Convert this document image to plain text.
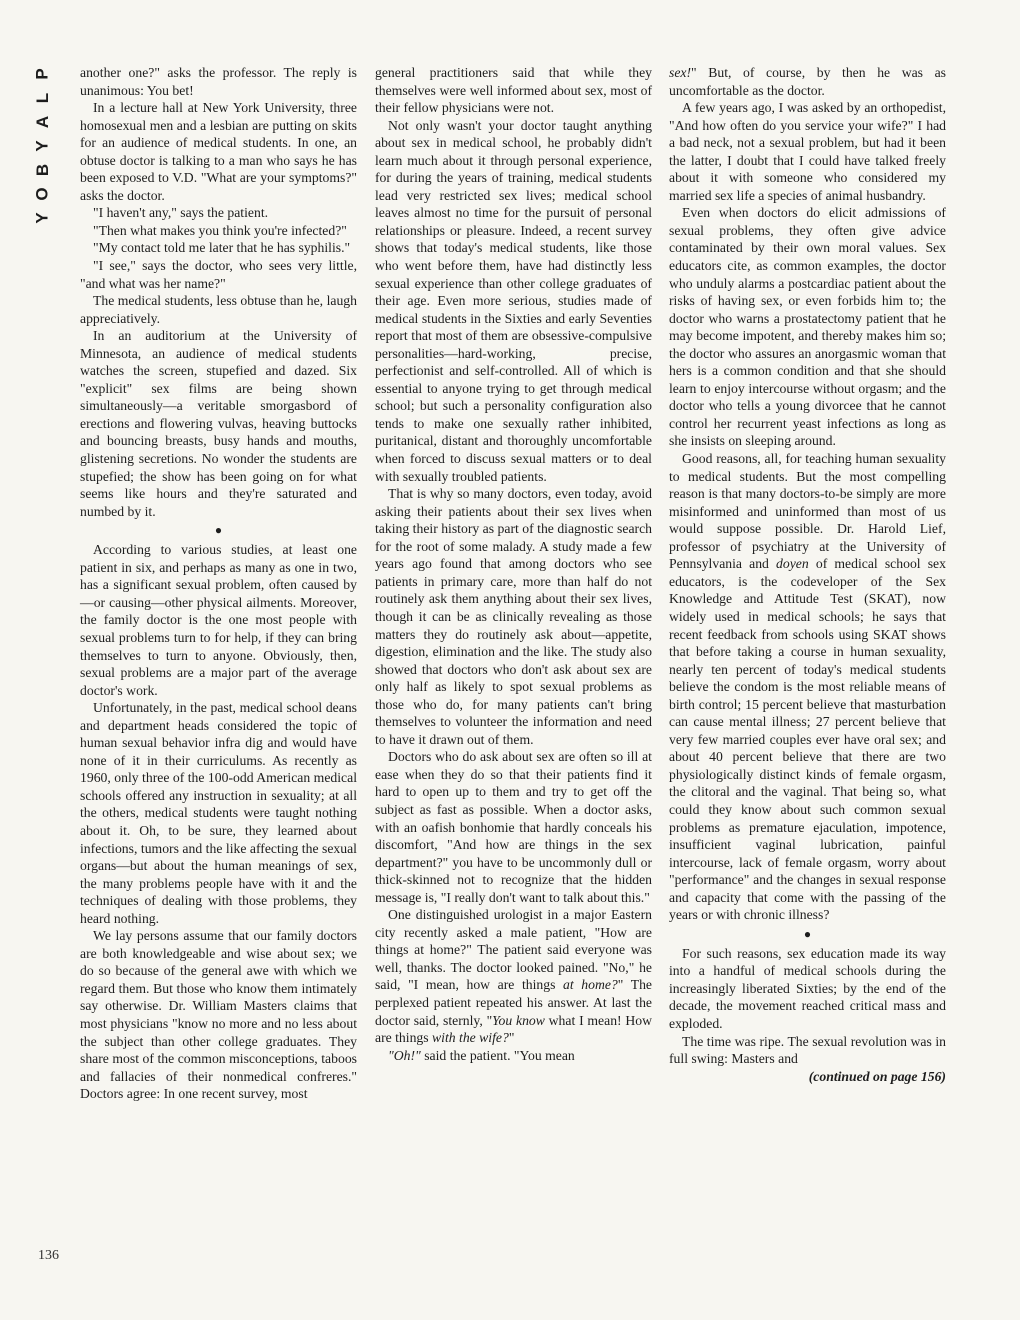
P
L
A
Y
B
O
Y
136

another one?" asks the professor. The reply is unanimous: You bet!

In a lecture hall at New York University, three homosexual men and a lesbian are putting on skits for an audience of medical students. In one, an obtuse doctor is talking to a man who says he has been exposed to V.D. "What are your symptoms?" asks the doctor.

"I haven't any," says the patient.

"Then what makes you think you're infected?"

"My contact told me later that he has syphilis."

"I see," says the doctor, who sees very little, "and what was her name?"

The medical students, less obtuse than he, laugh appreciatively.

In an auditorium at the University of Minnesota, an audience of medical students watches the screen, stupefied and dazed. Six "explicit" sex films are being shown simultaneously—a veritable smorgasbord of erections and flowering vulvas, heaving buttocks and bouncing breasts, busy hands and mouths, glistening secretions. No wonder the students are stupefied; the show has been going on for what seems like hours and they're saturated and numbed by it.

●

According to various studies, at least one patient in six, and perhaps as many as one in two, has a significant sexual problem, often caused by—or causing—other physical ailments. Moreover, the family doctor is the one most people with sexual problems turn to for help, if they can bring themselves to turn to anyone. Obviously, then, sexual problems are a major part of the average doctor's work.

Unfortunately, in the past, medical school deans and department heads considered the topic of human sexual behavior infra dig and would have none of it in their curriculums. As recently as 1960, only three of the 100-odd American medical schools offered any instruction in sexuality; at all the others, medical students were taught nothing about it. Oh, to be sure, they learned about infections, tumors and the like affecting the sexual organs—but about the human meanings of sex, the many problems people have with it and the techniques of dealing with those problems, they heard nothing.

We lay persons assume that our family doctors are both knowledgeable and wise about sex; we do so because of the general awe with which we regard them. But those who know them intimately say otherwise. Dr. William Masters claims that most physicians "know no more and no less about the subject than other college graduates. They share most of the common misconceptions, taboos and fallacies of their nonmedical confreres." Doctors agree: In one recent survey, most

general practitioners said that while they themselves were well informed about sex, most of their fellow physicians were not.

Not only wasn't your doctor taught anything about sex in medical school, he probably didn't learn much about it through personal experience, for during the years of training, medical students lead very restricted sex lives; medical school leaves almost no time for the pursuit of personal relationships or pleasure. Indeed, a recent survey shows that today's medical students, like those who went before them, have had distinctly less sexual experience than other college graduates of their age. Even more serious, studies made of medical students in the Sixties and early Seventies report that most of them are obsessive-compulsive personalities—hard-working, precise, perfectionist and self-controlled. All of which is essential to anyone trying to get through medical school; but such a personality configuration also tends to make one sexually rather inhibited, puritanical, distant and thoroughly uncomfortable when forced to discuss sexual matters or to deal with sexually troubled patients.

That is why so many doctors, even today, avoid asking their patients about their sex lives when taking their history as part of the diagnostic search for the root of some malady. A study made a few years ago found that among doctors who see patients in primary care, more than half do not routinely ask them anything about their sex lives, though it can be as clinically revealing as those matters they do routinely ask about—appetite, digestion, elimination and the like. The study also showed that doctors who don't ask about sex are only half as likely to spot sexual problems as those who do, for many patients can't bring themselves to volunteer the information and need to have it drawn out of them.

Doctors who do ask about sex are often so ill at ease when they do so that their patients find it hard to open up to them and try to get off the subject as fast as possible. When a doctor asks, with an oafish bonhomie that hardly conceals his discomfort, "And how are things in the sex department?" you have to be uncommonly dull or thick-skinned not to recognize that the hidden message is, "I really don't want to talk about this."

One distinguished urologist in a major Eastern city recently asked a male patient, "How are things at home?" The patient said everyone was well, thanks. The doctor looked pained. "No," he said, "I mean, how are things at home?" The perplexed patient repeated his answer. At last the doctor said, sternly, "You know what I mean! How are things with the wife?"

"Oh!" said the patient. "You mean

sex!" But, of course, by then he was as uncomfortable as the doctor.

A few years ago, I was asked by an orthopedist, "And how often do you service your wife?" I had a bad neck, not a sexual problem, but had it been the latter, I doubt that I could have talked freely about it with someone who considered my married sex life a species of animal husbandry.

Even when doctors do elicit admissions of sexual problems, they often give advice contaminated by their own moral values. Sex educators cite, as common examples, the doctor who unduly alarms a postcardiac patient about the risks of having sex, or even forbids him to; the doctor who warns a prostatectomy patient that he may become impotent, and thereby makes him so; the doctor who assures an anorgasmic woman that hers is a common condition and that she should learn to enjoy intercourse without orgasm; and the doctor who tells a young divorcee that he cannot control her recurrent yeast infections as long as she insists on sleeping around.

Good reasons, all, for teaching human sexuality to medical students. But the most compelling reason is that many doctors-to-be simply are more misinformed and uninformed than most of us would suppose possible. Dr. Harold Lief, professor of psychiatry at the University of Pennsylvania and doyen of medical school sex educators, is the codeveloper of the Sex Knowledge and Attitude Test (SKAT), now widely used in medical schools; he says that recent feedback from schools using SKAT shows that before taking a course in human sexuality, nearly ten percent of today's medical students believe the condom is the most reliable means of birth control; 15 percent believe that masturbation can cause mental illness; 27 percent believe that very few married couples ever have oral sex; and about 40 percent believe that there are two physiologically distinct kinds of female orgasm, the clitoral and the vaginal. That being so, what could they know about such common sexual problems as premature ejaculation, impotence, insufficient vaginal lubrication, painful intercourse, lack of female orgasm, worry about "performance" and the changes in sexual response and capacity that come with the passing of the years or with chronic illness?

●

For such reasons, sex education made its way into a handful of medical schools during the increasingly liberated Sixties; by the end of the decade, the movement reached critical mass and exploded.

The time was ripe. The sexual revolution was in full swing: Masters and

(continued on page 156)
